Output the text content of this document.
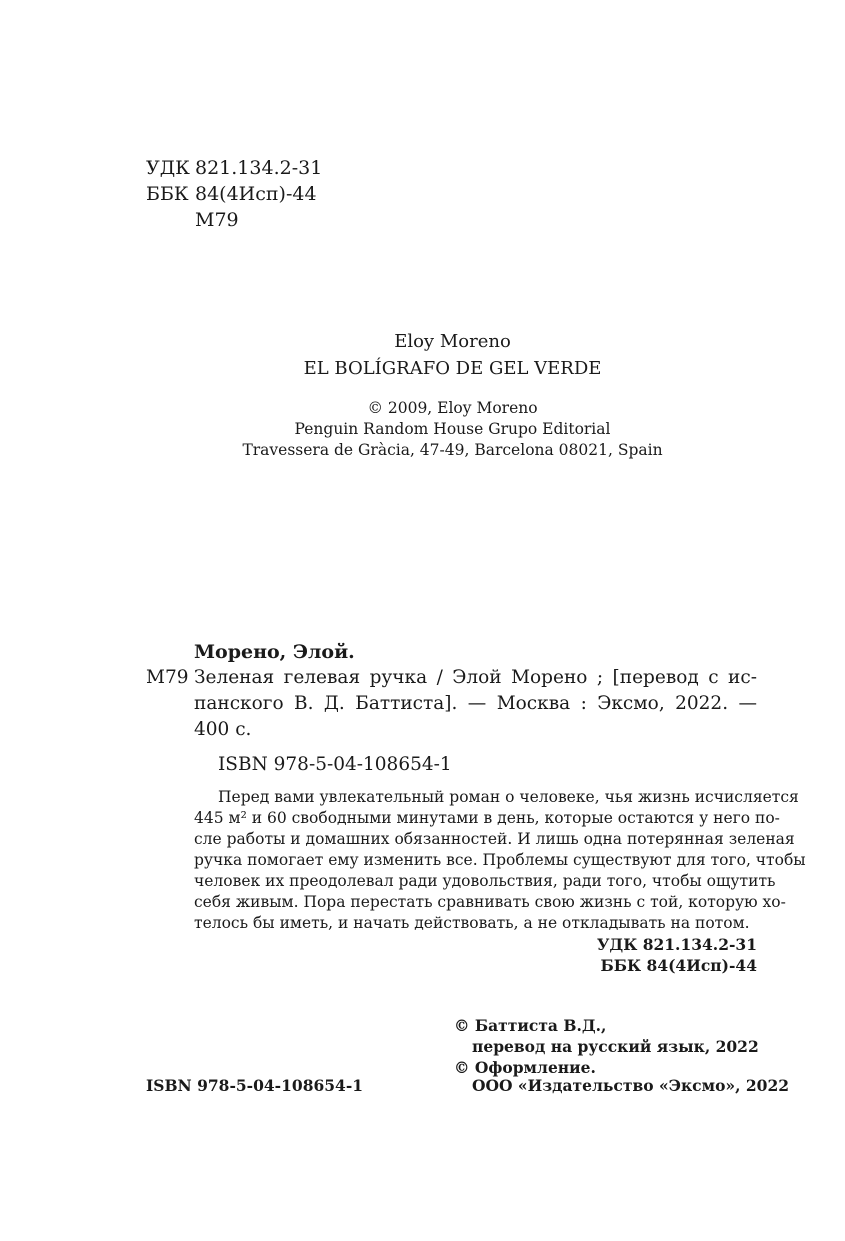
УДК 821.134.2-31
ББК 84(4Исп)-44
М79
Eloy Moreno
EL BOLÍGRAFO DE GEL VERDE
© 2009, Eloy Moreno
Penguin Random House Grupo Editorial
Travessera de Gràcia, 47-49, Barcelona 08021, Spain
Морено, Элой.
М79 Зеленая гелевая ручка / Элой Морено ; [перевод с ис-
панского В. Д. Баттиста]. — Москва : Эксмо, 2022. —
400 с.
ISBN 978-5-04-108654-1
Перед вами увлекательный роман о человеке, чья жизнь исчисляется
445 м² и 60 свободными минутами в день, которые остаются у него по-
сле работы и домашних обязанностей. И лишь одна потерянная зеленая
ручка помогает ему изменить все. Проблемы существуют для того, чтобы
человек их преодолевал ради удовольствия, ради того, чтобы ощутить
себя живым. Пора перестать сравнивать свою жизнь с той, которую хо-
телось бы иметь, и начать действовать, а не откладывать на потом.
УДК 821.134.2-31
ББК 84(4Исп)-44
© Баттиста В.Д.,
перевод на русский язык, 2022
© Оформление.
ISBN 978-5-04-108654-1	ООО «Издательство «Эксмо», 2022
